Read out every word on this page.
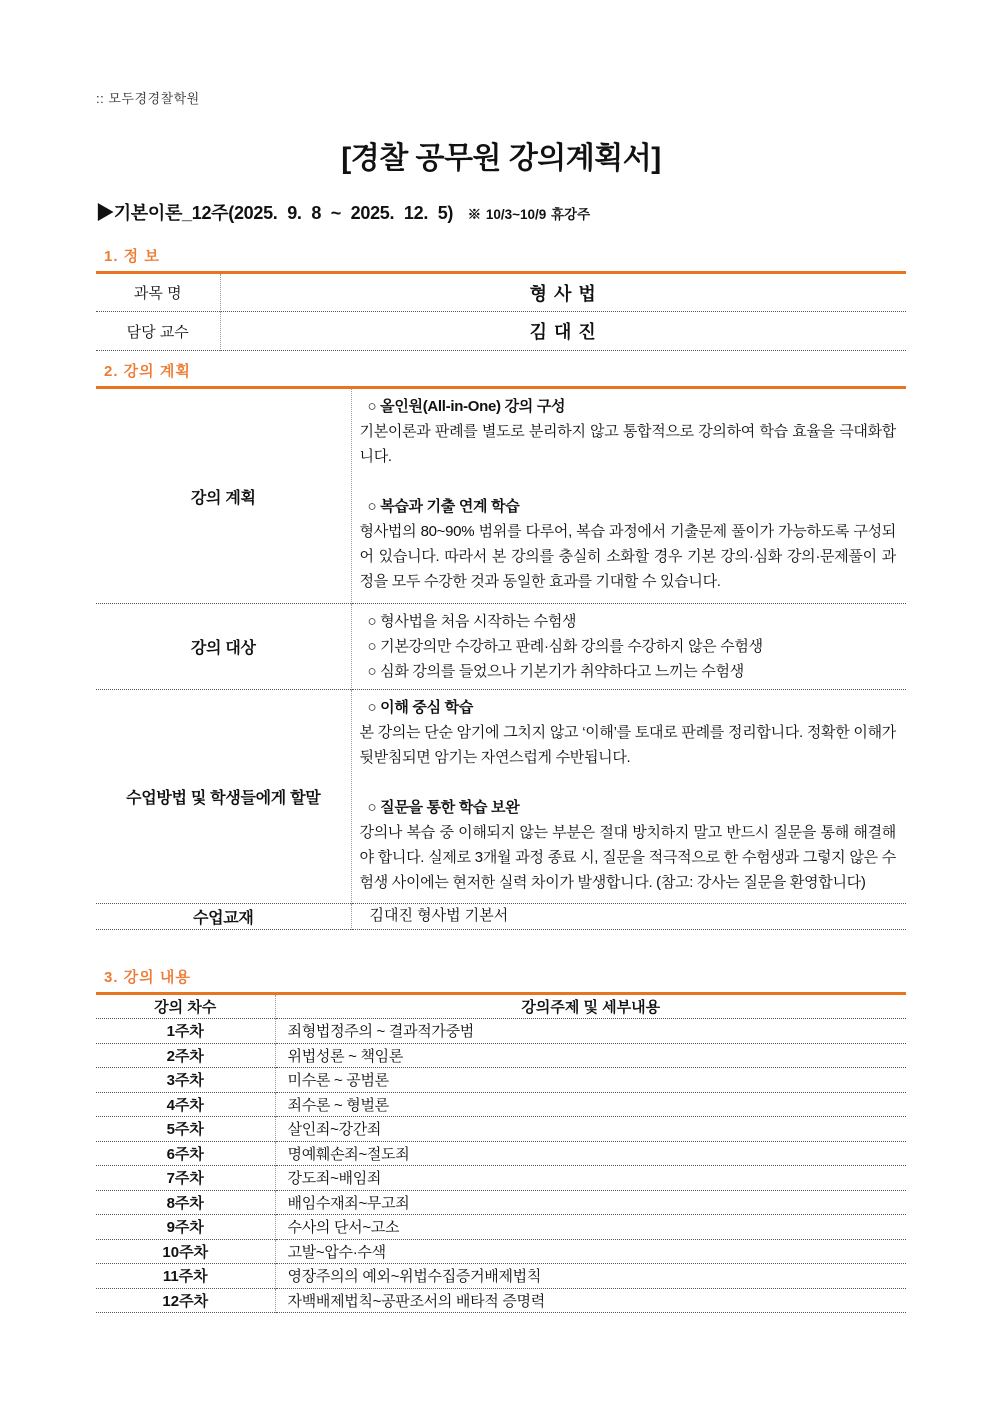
:: 모두경경찰학원
[경찰 공무원 강의계획서]
▶기본이론_12주(2025. 9. 8 ~ 2025. 12. 5) ※ 10/3~10/9 휴강주
1. 정 보
과목 명	형 사 법
담당 교수	김 대 진
2. 강의 계획
강의 계획	○ 올인원(All-in-One) 강의 구성
기본이론과 판례를 별도로 분리하지 않고 통합적으로 강의하여 학습 효율을 극대화합니다.
○ 복습과 기출 연계 학습
형사법의 80~90% 범위를 다루어, 복습 과정에서 기출문제 풀이가 가능하도록 구성되어 있습니다. 따라서 본 강의를 충실히 소화할 경우 기본 강의·심화 강의·문제풀이 과정을 모두 수강한 것과 동일한 효과를 기대할 수 있습니다.

강의 대상	○ 형사법을 처음 시작하는 수험생
○ 기본강의만 수강하고 판례·심화 강의를 수강하지 않은 수험생
○ 심화 강의를 들었으나 기본기가 취약하다고 느끼는 수험생

수업방법 및 학생들에게 할말	○ 이해 중심 학습
본 강의는 단순 암기에 그치지 않고 ‘이해’를 토대로 판례를 정리합니다. 정확한 이해가 뒷받침되면 암기는 자연스럽게 수반됩니다.
○ 질문을 통한 학습 보완
강의나 복습 중 이해되지 않는 부분은 절대 방치하지 말고 반드시 질문을 통해 해결해야 합니다. 실제로 3개월 과정 종료 시, 질문을 적극적으로 한 수험생과 그렇지 않은 수험생 사이에는 현저한 실력 차이가 발생합니다. (참고: 강사는 질문을 환영합니다)

수업교재	김대진 형사법 기본서
3. 강의 내용
강의 차수	강의주제 및 세부내용
1주차	죄형법정주의 ~ 결과적가중범
2주차	위법성론 ~ 책임론
3주차	미수론 ~ 공범론
4주차	죄수론 ~ 형벌론
5주차	살인죄~강간죄
6주차	명예훼손죄~절도죄
7주차	강도죄~배임죄
8주차	배임수재죄~무고죄
9주차	수사의 단서~고소
10주차	고발~압수·수색
11주차	영장주의의 예외~위법수집증거배제법칙
12주차	자백배제법칙~공판조서의 배타적 증명력
